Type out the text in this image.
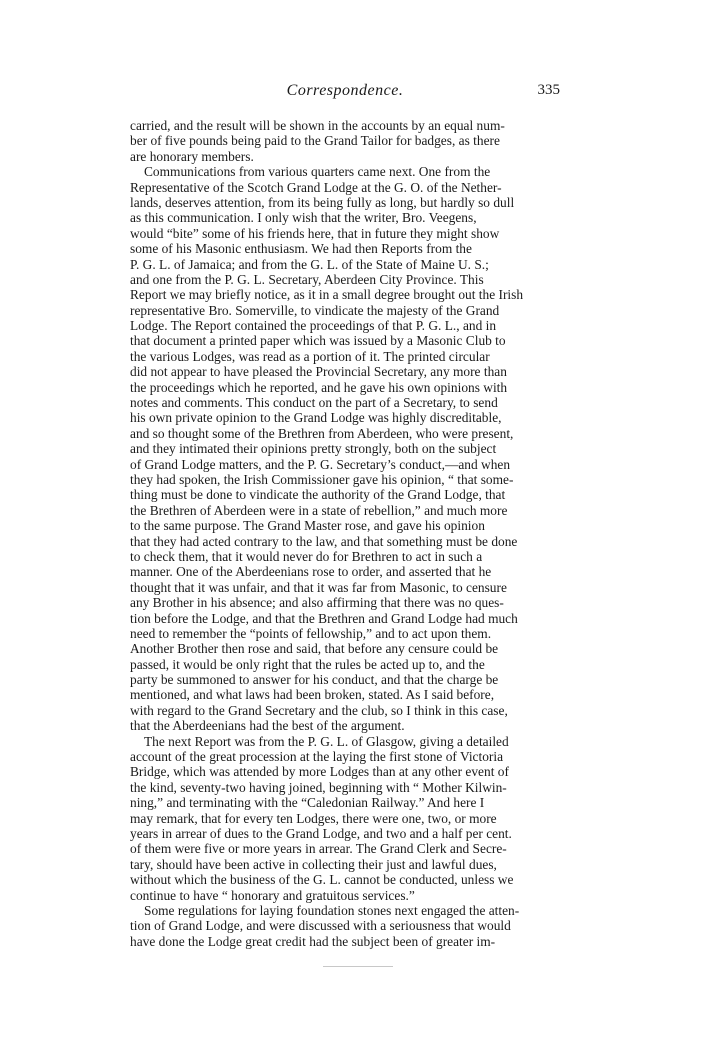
Correspondence.	335
carried, and the result will be shown in the accounts by an equal num-
ber of five pounds being paid to the Grand Tailor for badges, as there
are honorary members.
Communications from various quarters came next. One from the
Representative of the Scotch Grand Lodge at the G. O. of the Nether-
lands, deserves attention, from its being fully as long, but hardly so dull
as this communication. I only wish that the writer, Bro. Veegens,
would “bite” some of his friends here, that in future they might show
some of his Masonic enthusiasm. We had then Reports from the
P. G. L. of Jamaica; and from the G. L. of the State of Maine U. S.;
and one from the P. G. L. Secretary, Aberdeen City Province. This
Report we may briefly notice, as it in a small degree brought out the Irish
representative Bro. Somerville, to vindicate the majesty of the Grand
Lodge. The Report contained the proceedings of that P. G. L., and in
that document a printed paper which was issued by a Masonic Club to
the various Lodges, was read as a portion of it. The printed circular
did not appear to have pleased the Provincial Secretary, any more than
the proceedings which he reported, and he gave his own opinions with
notes and comments. This conduct on the part of a Secretary, to send
his own private opinion to the Grand Lodge was highly discreditable,
and so thought some of the Brethren from Aberdeen, who were present,
and they intimated their opinions pretty strongly, both on the subject
of Grand Lodge matters, and the P. G. Secretary’s conduct,—and when
they had spoken, the Irish Commissioner gave his opinion, “ that some-
thing must be done to vindicate the authority of the Grand Lodge, that
the Brethren of Aberdeen were in a state of rebellion,” and much more
to the same purpose. The Grand Master rose, and gave his opinion
that they had acted contrary to the law, and that something must be done
to check them, that it would never do for Brethren to act in such a
manner. One of the Aberdeenians rose to order, and asserted that he
thought that it was unfair, and that it was far from Masonic, to censure
any Brother in his absence; and also affirming that there was no ques-
tion before the Lodge, and that the Brethren and Grand Lodge had much
need to remember the “points of fellowship,” and to act upon them.
Another Brother then rose and said, that before any censure could be
passed, it would be only right that the rules be acted up to, and the
party be summoned to answer for his conduct, and that the charge be
mentioned, and what laws had been broken, stated. As I said before,
with regard to the Grand Secretary and the club, so I think in this case,
that the Aberdeenians had the best of the argument.
The next Report was from the P. G. L. of Glasgow, giving a detailed
account of the great procession at the laying the first stone of Victoria
Bridge, which was attended by more Lodges than at any other event of
the kind, seventy-two having joined, beginning with “ Mother Kilwin-
ning,” and terminating with the “Caledonian Railway.” And here I
may remark, that for every ten Lodges, there were one, two, or more
years in arrear of dues to the Grand Lodge, and two and a half per cent.
of them were five or more years in arrear. The Grand Clerk and Secre-
tary, should have been active in collecting their just and lawful dues,
without which the business of the G. L. cannot be conducted, unless we
continue to have “ honorary and gratuitous services.”
Some regulations for laying foundation stones next engaged the atten-
tion of Grand Lodge, and were discussed with a seriousness that would
have done the Lodge great credit had the subject been of greater im-
